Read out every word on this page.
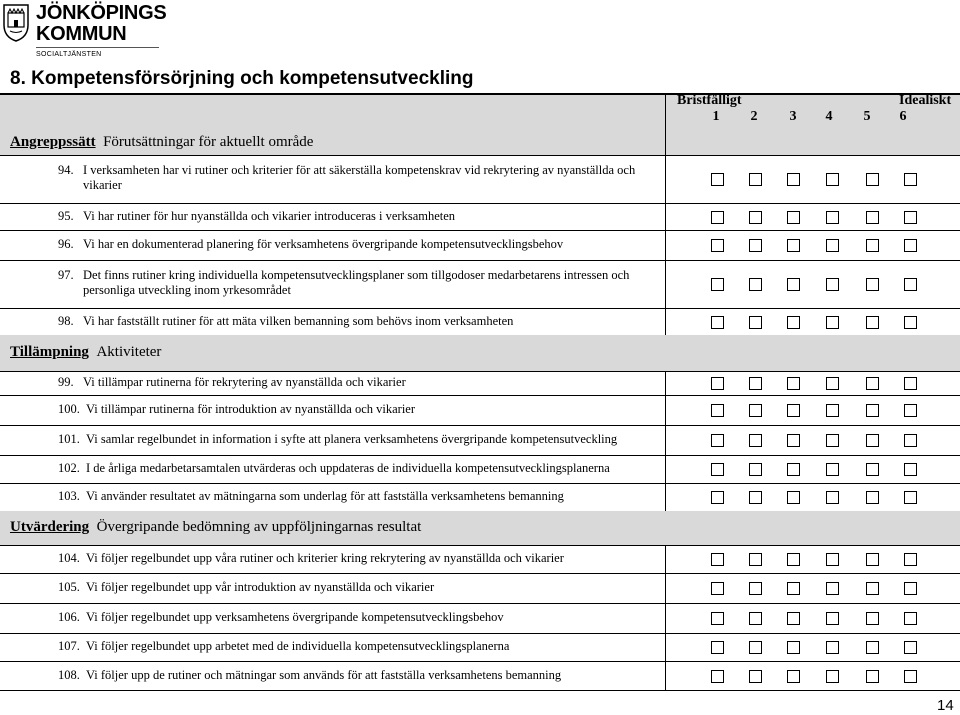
JÖNKÖPINGS
KOMMUN
SOCIALTJÄNSTEN
8. Kompetensförsörjning och kompetensutveckling
Bristfälligt	Idealiskt
1 2 3 4 5 6
Angreppssätt Förutsättningar för aktuellt område
94. I verksamheten har vi rutiner och kriterier för att säkerställa kompetenskrav vid rekrytering av nyanställda och vikarier
95. Vi har rutiner för hur nyanställda och vikarier introduceras i verksamheten
96. Vi har en dokumenterad planering för verksamhetens övergripande kompetensutvecklingsbehov
97. Det finns rutiner kring individuella kompetensutvecklingsplaner som tillgodoser medarbetarens intressen och personliga utveckling inom yrkesområdet
98. Vi har fastställt rutiner för att mäta vilken bemanning som behövs inom verksamheten
Tillämpning Aktiviteter
99. Vi tillämpar rutinerna för rekrytering av nyanställda och vikarier
100. Vi tillämpar rutinerna för introduktion av nyanställda och vikarier
101. Vi samlar regelbundet in information i syfte att planera verksamhetens övergripande kompetensutveckling
102. I de årliga medarbetarsamtalen utvärderas och uppdateras de individuella kompetensutvecklingsplanerna
103. Vi använder resultatet av mätningarna som underlag för att fastställa verksamhetens bemanning
Utvärdering Övergripande bedömning av uppföljningarnas resultat
104. Vi följer regelbundet upp våra rutiner och kriterier kring rekrytering av nyanställda och vikarier
105. Vi följer regelbundet upp vår introduktion av nyanställda och vikarier
106. Vi följer regelbundet upp verksamhetens övergripande kompetensutvecklingsbehov
107. Vi följer regelbundet upp arbetet med de individuella kompetensutvecklingsplanerna
108. Vi följer upp de rutiner och mätningar som används för att fastställa verksamhetens bemanning
14
